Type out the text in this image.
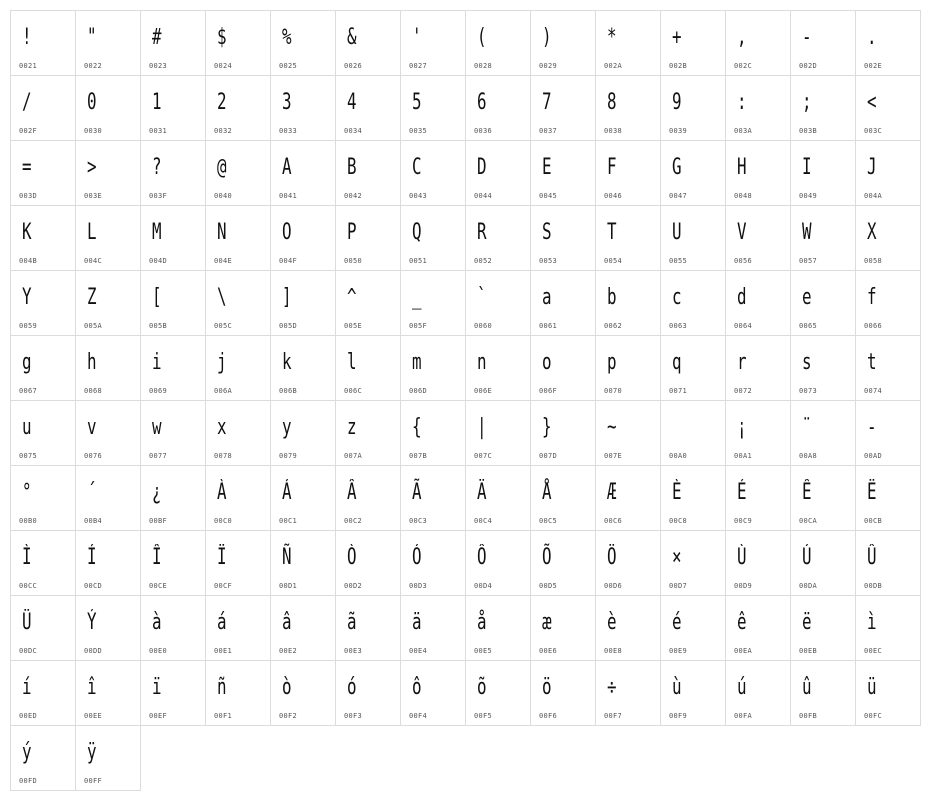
!
0021
"
0022
#
0023
$
0024
%
0025
&
0026
'
0027
(
0028
)
0029
*
002A
+
002B
,
002C
-
002D
.
002E
/
002F
0
0030
1
0031
2
0032
3
0033
4
0034
5
0035
6
0036
7
0037
8
0038
9
0039
:
003A
;
003B
<
003C
=
003D
>
003E
?
003F
@
0040
A
0041
B
0042
C
0043
D
0044
E
0045
F
0046
G
0047
H
0048
I
0049
J
004A
K
004B
L
004C
M
004D
N
004E
O
004F
P
0050
Q
0051
R
0052
S
0053
T
0054
U
0055
V
0056
W
0057
X
0058
Y
0059
Z
005A
[
005B
\
005C
]
005D
^
005E
_
005F
`
0060
a
0061
b
0062
c
0063
d
0064
e
0065
f
0066
g
0067
h
0068
i
0069
j
006A
k
006B
l
006C
m
006D
n
006E
o
006F
p
0070
q
0071
r
0072
s
0073
t
0074
u
0075
v
0076
w
0077
x
0078
y
0079
z
007A
{
007B
|
007C
}
007D
~
007E
	00A0
¡
00A1
¨
00A8
-
00AD
°
00B0
´
00B4
¿
00BF
À
00C0
Á
00C1
Â
00C2
Ã
00C3
Ä
00C4
Å
00C5
Æ
00C6
È
00C8
É
00C9
Ê
00CA
Ë
00CB
Ì
00CC
Í
00CD
Î
00CE
Ï
00CF
Ñ
00D1
Ò
00D2
Ó
00D3
Ô
00D4
Õ
00D5
Ö
00D6
×
00D7
Ù
00D9
Ú
00DA
Û
00DB
Ü
00DC
Ý
00DD
à
00E0
á
00E1
â
00E2
ã
00E3
ä
00E4
å
00E5
æ
00E6
è
00E8
é
00E9
ê
00EA
ë
00EB
ì
00EC
í
00ED
î
00EE
ï
00EF
ñ
00F1
ò
00F2
ó
00F3
ô
00F4
õ
00F5
ö
00F6
÷
00F7
ù
00F9
ú
00FA
û
00FB
ü
00FC
ý
00FD
ÿ
00FF
